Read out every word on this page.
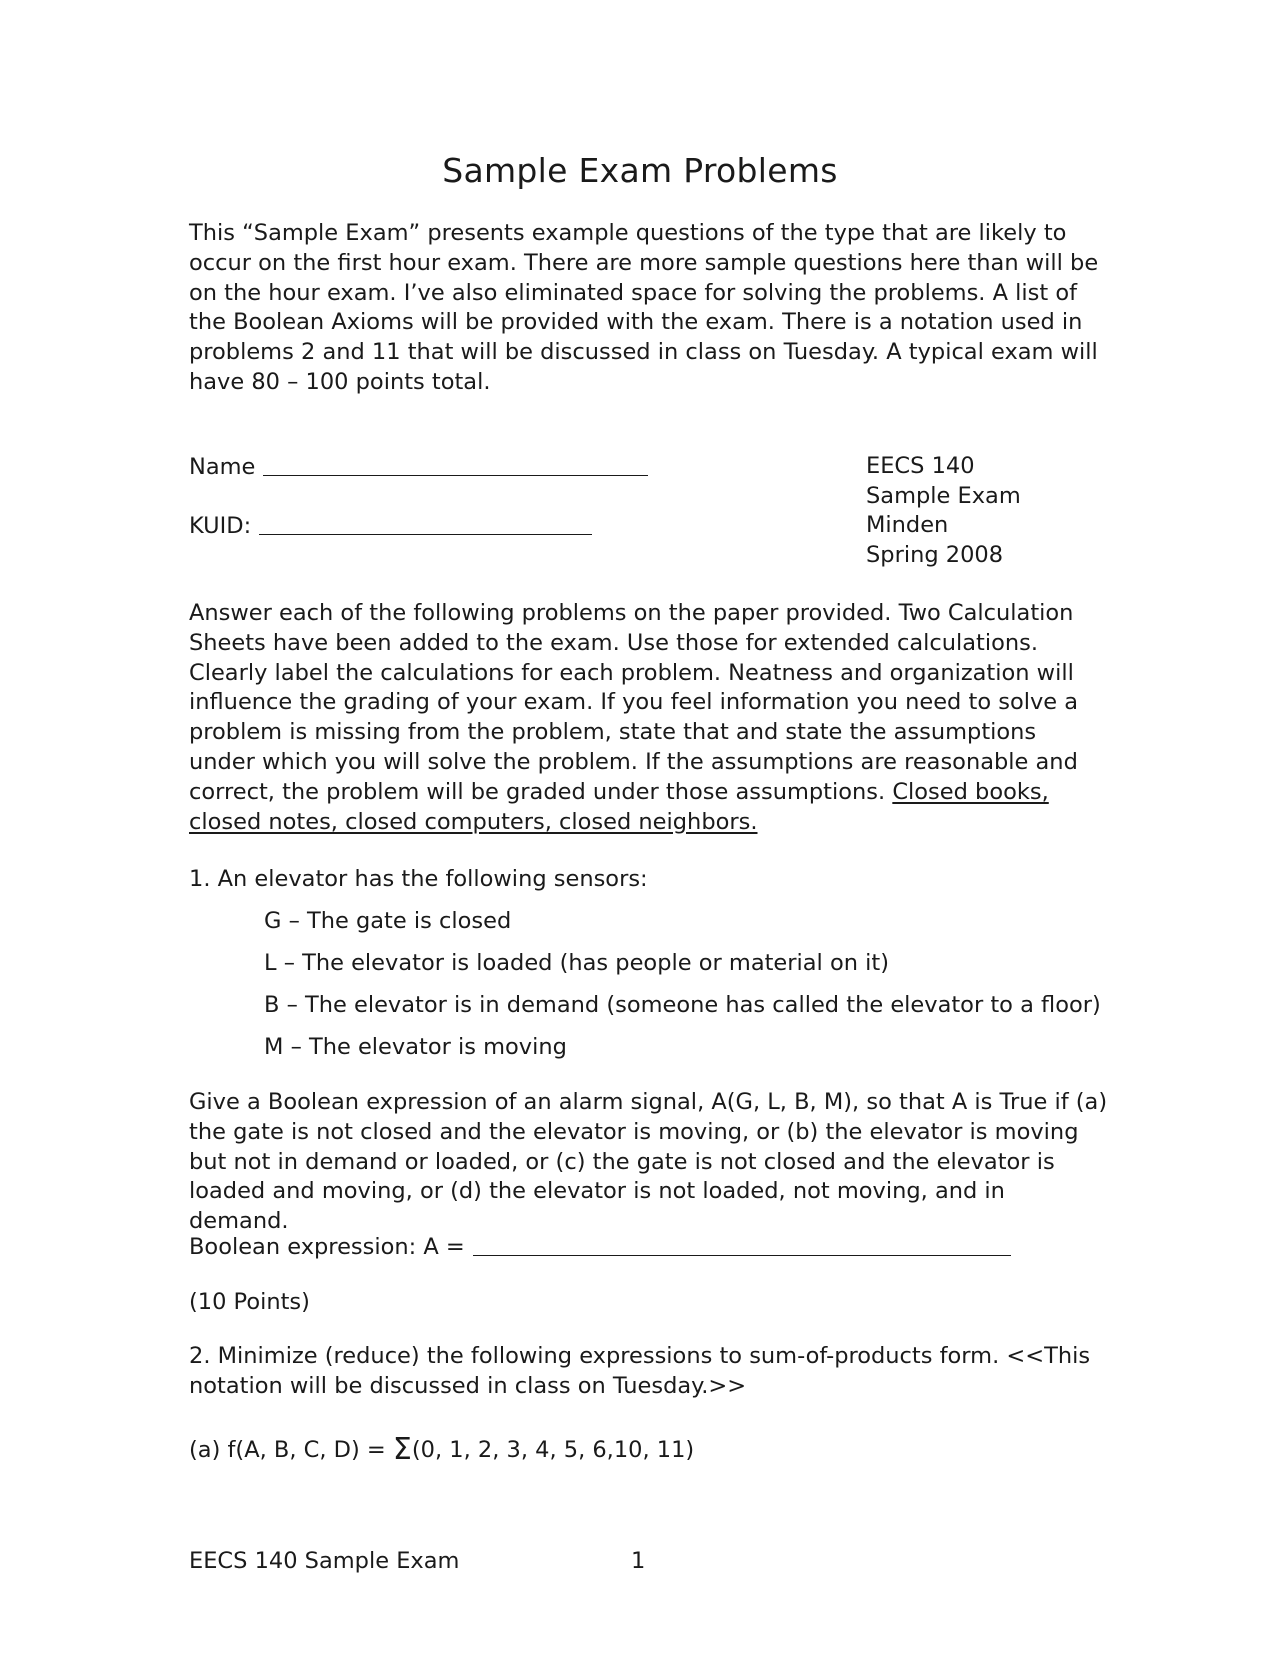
Sample Exam Problems

This “Sample Exam” presents example questions of the type that are likely to occur on the first hour exam. There are more sample questions here than will be on the hour exam. I’ve also eliminated space for solving the problems. A list of the Boolean Axioms will be provided with the exam. There is a notation used in problems 2 and 11 that will be discussed in class on Tuesday. A typical exam will have 80 – 100 points total.

Name
KUID:
EECS 140
Sample Exam
Minden
Spring 2008

Answer each of the following problems on the paper provided. Two Calculation Sheets have been added to the exam. Use those for extended calculations. Clearly label the calculations for each problem. Neatness and organization will influence the grading of your exam. If you feel information you need to solve a problem is missing from the problem, state that and state the assumptions under which you will solve the problem. If the assumptions are reasonable and correct, the problem will be graded under those assumptions. Closed books, closed notes, closed computers, closed neighbors.

1. An elevator has the following sensors:

G – The gate is closed
L – The elevator is loaded (has people or material on it)
B – The elevator is in demand (someone has called the elevator to a floor)
M – The elevator is moving

Give a Boolean expression of an alarm signal, A(G, L, B, M), so that A is True if (a) the gate is not closed and the elevator is moving, or (b) the elevator is moving but not in demand or loaded, or (c) the gate is not closed and the elevator is loaded and moving, or (d) the elevator is not loaded, not moving, and in demand.

Boolean expression: A =

(10 Points)

2. Minimize (reduce) the following expressions to sum-of-products form. <<This notation will be discussed in class on Tuesday.>>

(a) f(A, B, C, D) = Σ(0, 1, 2, 3, 4, 5, 6,10, 11)
EECS 140 Sample Exam	1
